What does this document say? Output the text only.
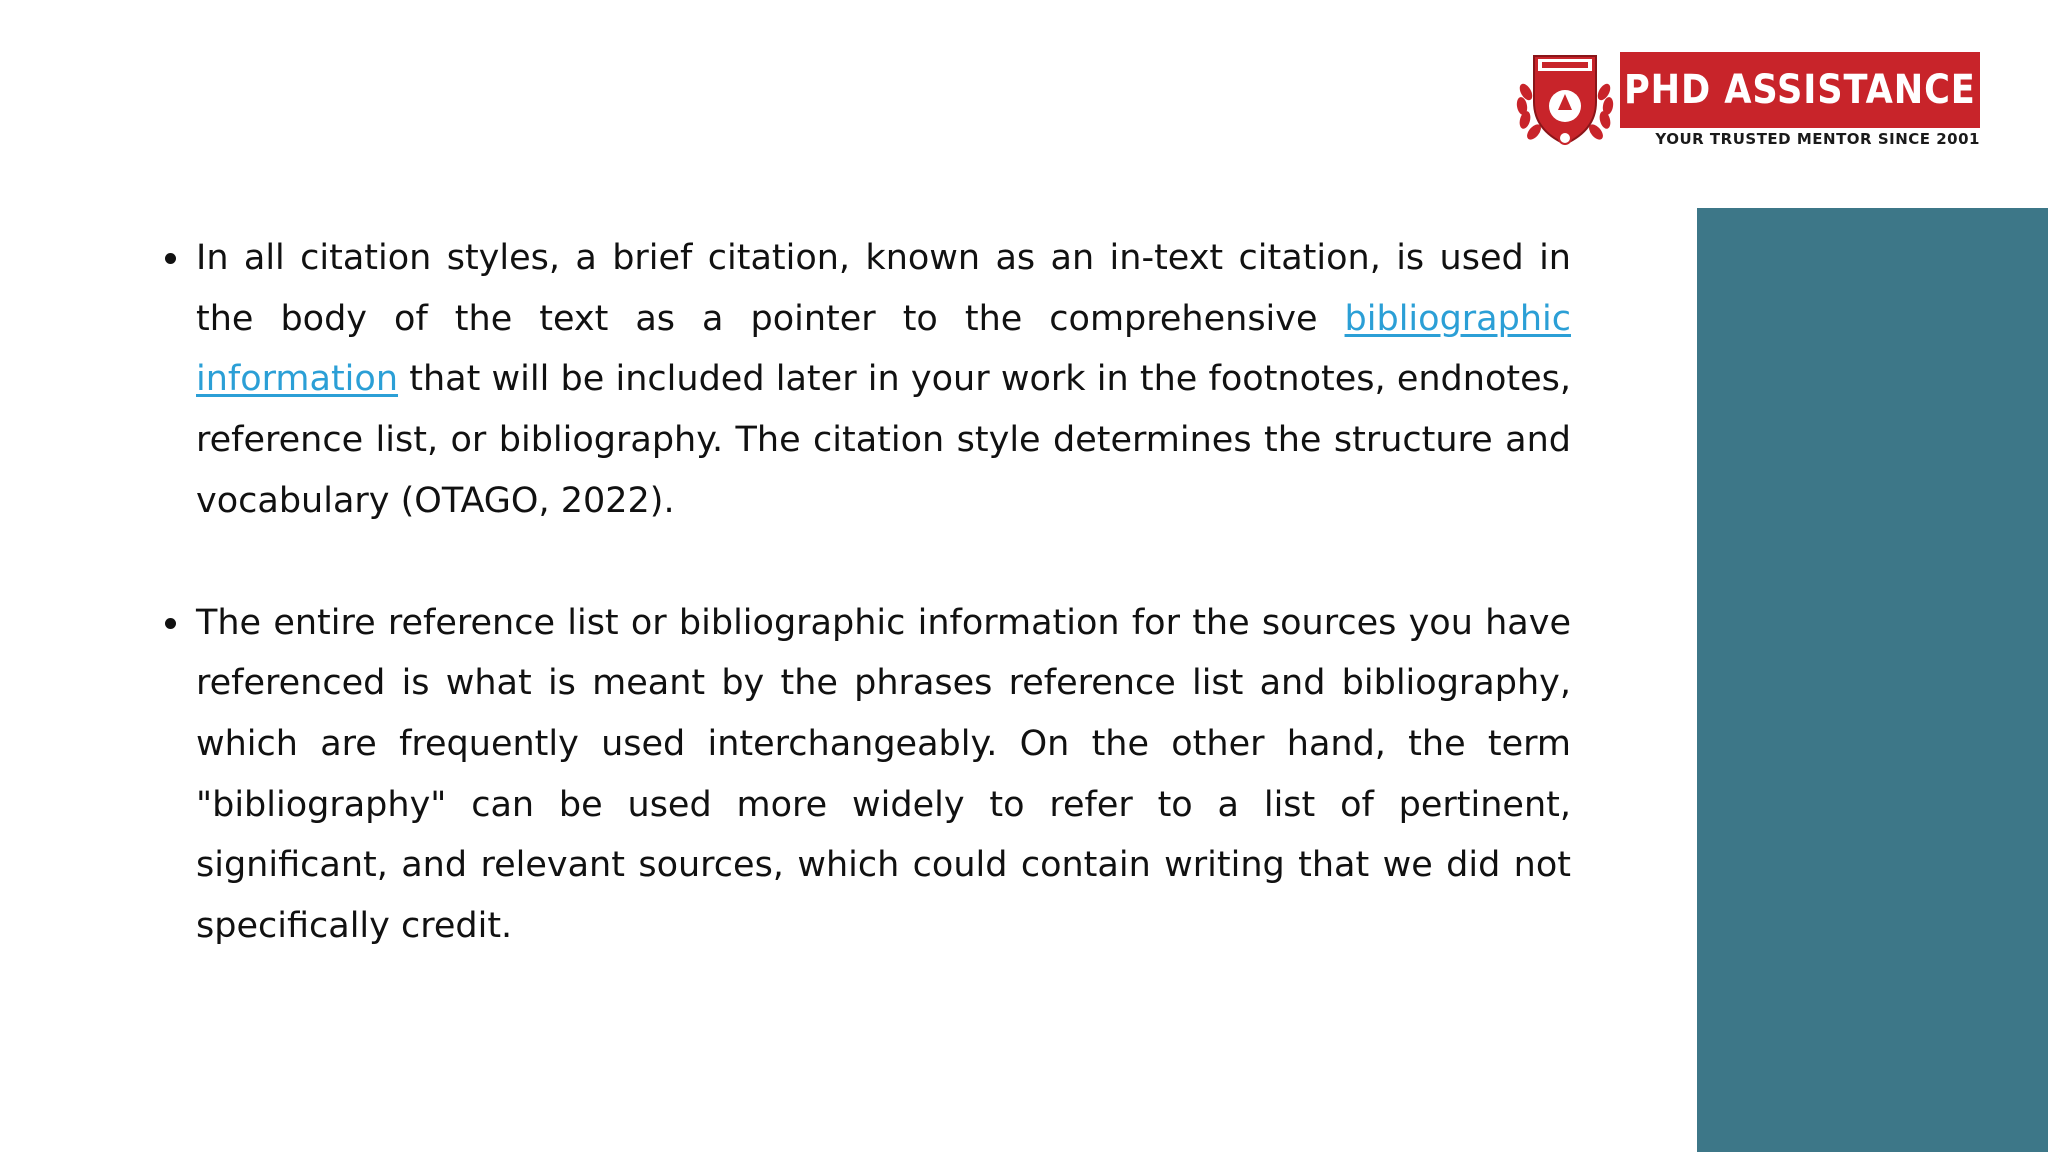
PHD ASSISTANCE
YOUR TRUSTED MENTOR SINCE 2001
In all citation styles, a brief citation, known as an in-text citation, is used in the body of the text as a pointer to the comprehensive bibliographic information that will be included later in your work in the footnotes, endnotes, reference list, or bibliography. The citation style determines the structure and vocabulary (OTAGO, 2022).
The entire reference list or bibliographic information for the sources you have referenced is what is meant by the phrases reference list and bibliography, which are frequently used interchangeably. On the other hand, the term "bibliography" can be used more widely to refer to a list of pertinent, significant, and relevant sources, which could contain writing that we did not specifically credit.
